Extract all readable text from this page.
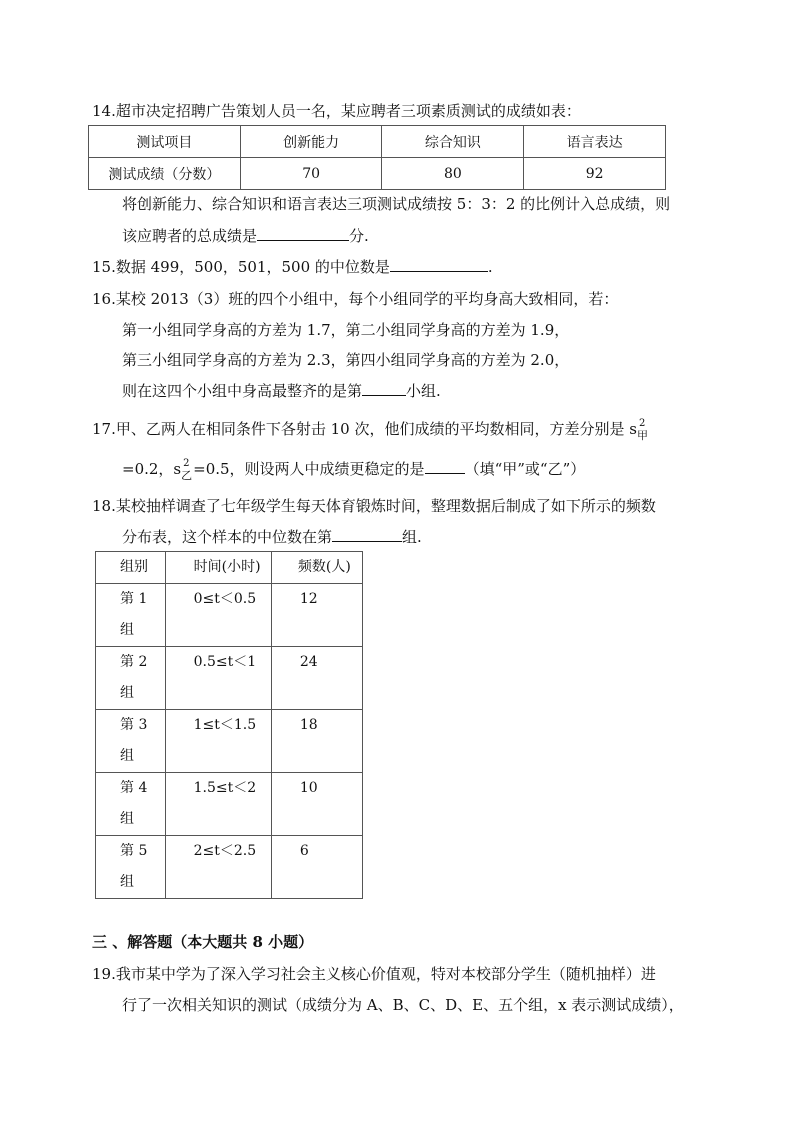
14.超市决定招聘广告策划人员一名，某应聘者三项素质测试的成绩如表：
测试项目	创新能力	综合知识	语言表达
测试成绩（分数）	70	80	92
将创新能力、综合知识和语言表达三项测试成绩按 5：3：2 的比例计入总成绩，则
该应聘者的总成绩是	分.
15.数据 499，500，501，500 的中位数是	.
16.某校 2013（3）班的四个小组中，每个小组同学的平均身高大致相同，若：
第一小组同学身高的方差为 1.7，第二小组同学身高的方差为 1.9，
第三小组同学身高的方差为 2.3，第四小组同学身高的方差为 2.0，
则在这四个小组中身高最整齐的是第	小组.
17.甲、乙两人在相同条件下各射击 10 次，他们成绩的平均数相同，方差分别是 s 2
甲
=0.2，s 2
乙 =0.5，则设两人中成绩更稳定的是	（填“甲”或“乙”）
18.某校抽样调查了七年级学生每天体育锻炼时间，整理数据后制成了如下所示的频数
分布表，这个样本的中位数在第	组.
组别	时间(小时)	频数(人)

第 1
组	0≤t＜0.5	12

第 2
组	0.5≤t＜1	24

第 3
组	1≤t＜1.5	18

第 4
组	1.5≤t＜2	10

第 5
组	2≤t＜2.5	6
三 、解答题（本大题共 8 小题）
19.我市某中学为了深入学习社会主义核心价值观，特对本校部分学生（随机抽样）进
行了一次相关知识的测试（成绩分为 A、B、C、D、E、五个组，x 表示测试成绩），
